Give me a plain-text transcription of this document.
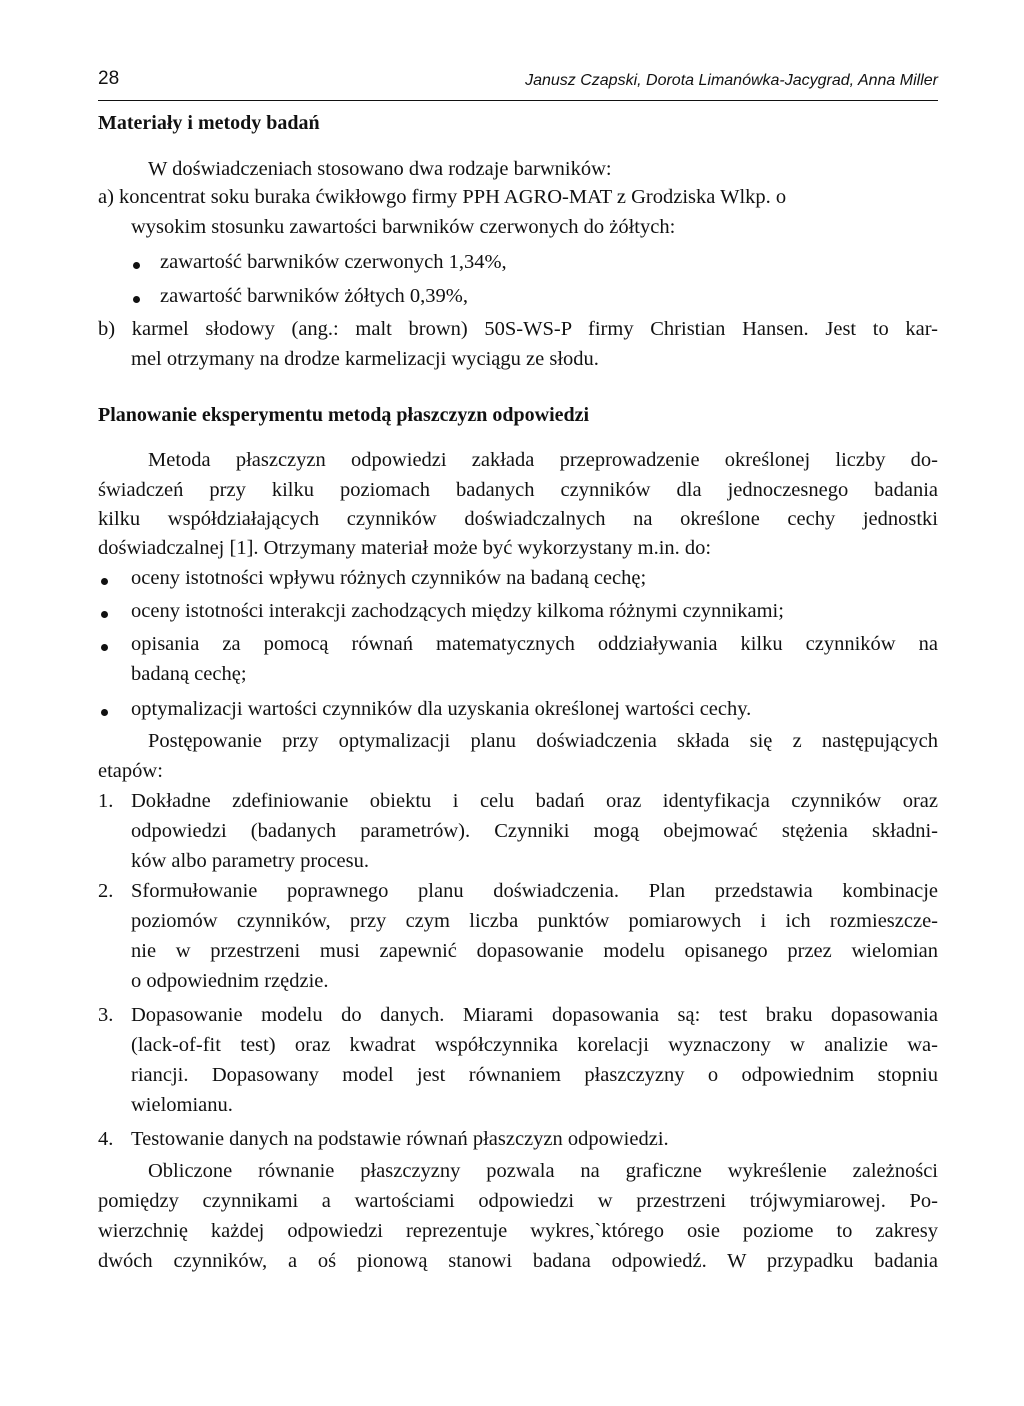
28	Janusz Czapski, Dorota Limanówka-Jacygrad, Anna Miller
Materiały i metody badań
W doświadczeniach stosowano dwa rodzaje barwników:
a) koncentrat soku buraka ćwikłowgo firmy PPH AGRO-MAT z Grodziska Wlkp. o
wysokim stosunku zawartości barwników czerwonych do żółtych:
zawartość barwników czerwonych 1,34%,
zawartość barwników żółtych 0,39%,
b) karmel słodowy (ang.: malt brown) 50S-WS-P firmy Christian Hansen. Jest to kar-
mel otrzymany na drodze karmelizacji wyciągu ze słodu.
Planowanie eksperymentu metodą płaszczyzn odpowiedzi
Metoda płaszczyzn odpowiedzi zakłada przeprowadzenie określonej liczby do-
świadczeń przy kilku poziomach badanych czynników dla jednoczesnego badania
kilku współdziałających czynników doświadczalnych na określone cechy jednostki
doświadczalnej [1]. Otrzymany materiał może być wykorzystany m.in. do:
oceny istotności wpływu różnych czynników na badaną cechę;
oceny istotności interakcji zachodzących między kilkoma różnymi czynnikami;
opisania za pomocą równań matematycznych oddziaływania kilku czynników na
badaną cechę;
optymalizacji wartości czynników dla uzyskania określonej wartości cechy.
Postępowanie przy optymalizacji planu doświadczenia składa się z następujących
etapów:
1. Dokładne zdefiniowanie obiektu i celu badań oraz identyfikacja czynników oraz
odpowiedzi (badanych parametrów). Czynniki mogą obejmować stężenia składni-
ków albo parametry procesu.
2. Sformułowanie poprawnego planu doświadczenia. Plan przedstawia kombinacje
poziomów czynników, przy czym liczba punktów pomiarowych i ich rozmieszcze-
nie w przestrzeni musi zapewnić dopasowanie modelu opisanego przez wielomian
o odpowiednim rzędzie.
3. Dopasowanie modelu do danych. Miarami dopasowania są: test braku dopasowania
(lack-of-fit test) oraz kwadrat współczynnika korelacji wyznaczony w analizie wa-
riancji. Dopasowany model jest równaniem płaszczyzny o odpowiednim stopniu
wielomianu.
4. Testowanie danych na podstawie równań płaszczyzn odpowiedzi.
Obliczone równanie płaszczyzny pozwala na graficzne wykreślenie zależności
pomiędzy czynnikami a wartościami odpowiedzi w przestrzeni trójwymiarowej. Po-
wierzchnię każdej odpowiedzi reprezentuje wykres,`którego osie poziome to zakresy
dwóch czynników, a oś pionową stanowi badana odpowiedź. W przypadku badania
